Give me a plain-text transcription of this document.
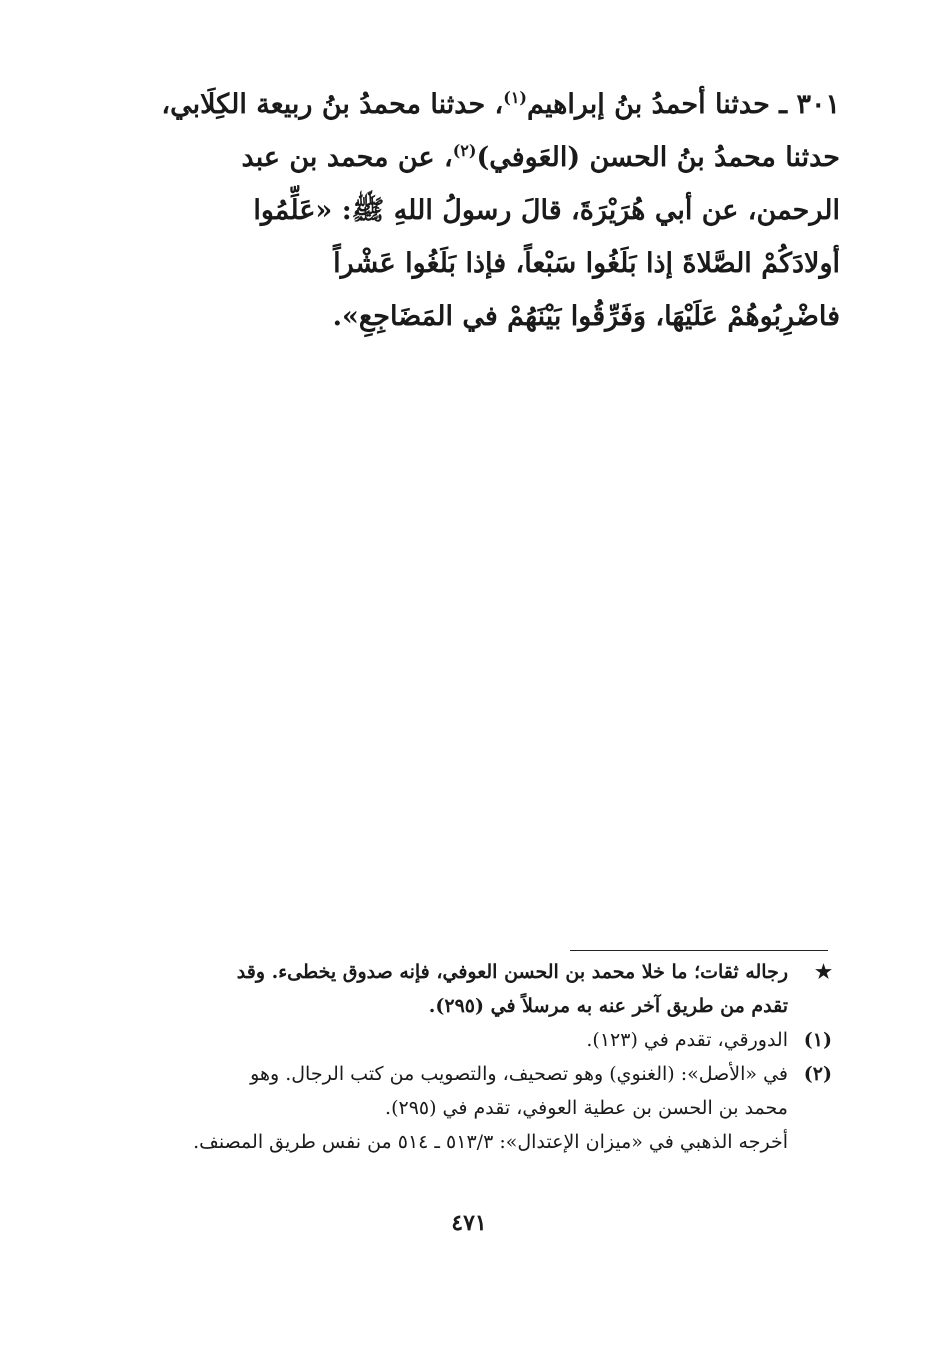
٣٠١ ـ حدثنا أحمدُ بنُ إبراهيم$^{(١)}$، حدثنا محمدُ بنُ ربيعة الكِلَابي،
حدثنا محمدُ بنُ الحسن (العَوفي)$^{(٢)}$، عن محمد بن عبد
الرحمن، عن أبي هُرَيْرَةَ، قالَ رسولُ اللهِ ﷺ: «عَلِّمُوا
أولادَكُمْ الصَّلاةَ إذا بَلَغُوا سَبْعاً، فإذا بَلَغُوا عَشْراً
فاضْرِبُوهُمْ عَلَيْهَا، وَفَرِّقُوا بَيْنَهُمْ في المَضَاجِعِ».
★
رجاله ثقات؛ ما خلا محمد بن الحسن العوفي، فإنه صدوق يخطىء. وقد
تقدم من طريق آخر عنه به مرسلاً في (٢٩٥).
(١)
الدورقي، تقدم في (١٢٣).
(٢)
في «الأصل»: (الغنوي) وهو تصحيف، والتصويب من كتب الرجال. وهو
محمد بن الحسن بن عطية العوفي، تقدم في (٢٩٥).
أخرجه الذهبي في «ميزان الإعتدال»: ٥١٣/٣ ـ ٥١٤ من نفس طريق المصنف.
٤٧١
